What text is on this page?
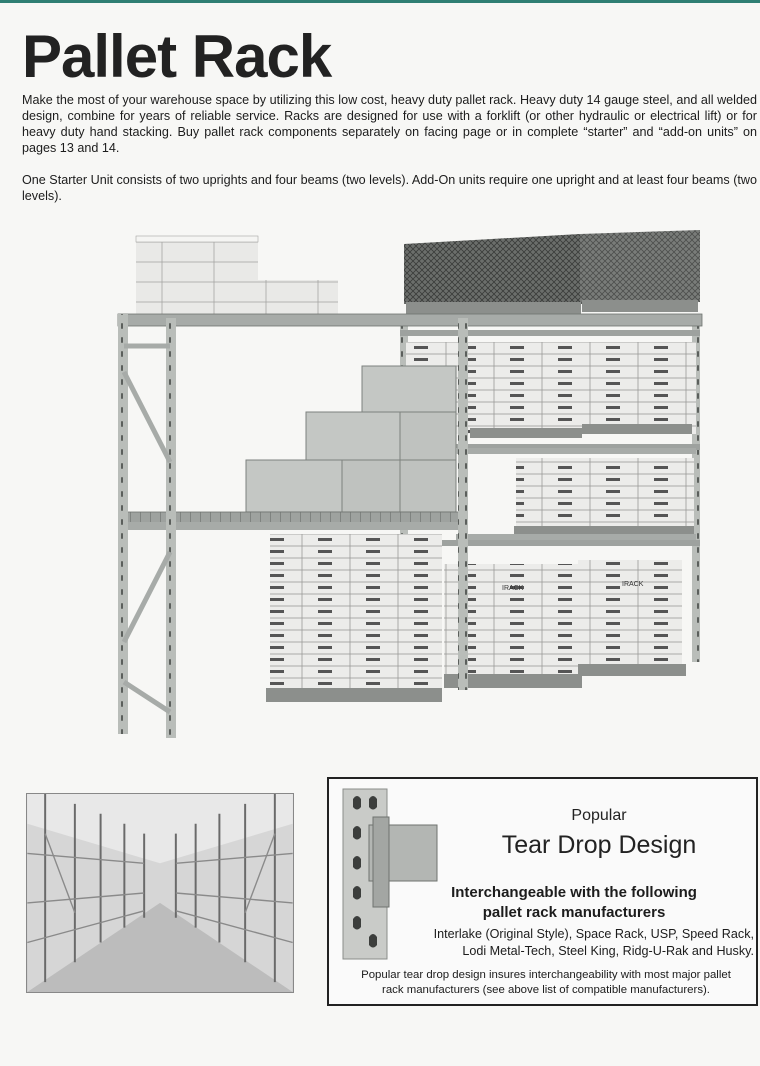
Pallet Rack

Make the most of your warehouse space by utilizing this low cost, heavy duty pallet rack. Heavy duty 14 gauge steel, and all welded design, combine for years of reliable service. Racks are designed for use with a forklift (or other hydraulic or electrical lift) or for heavy duty hand stacking. Buy pallet rack components separately on facing page or in complete “starter” and “add-on units” on pages 13 and 14.

One Starter Unit consists of two uprights and four beams (two levels). Add-On units require one upright and at least four beams (two levels).

IRACK
IRACK
Popular
Tear Drop Design
Interchangeable with the following
pallet rack manufacturers
Interlake (Original Style), Space Rack, USP, Speed Rack,
Lodi Metal-Tech, Steel King, Ridg-U-Rak and Husky.
Popular tear drop design insures interchangeability with most major pallet
rack manufacturers (see above list of compatible manufacturers).
